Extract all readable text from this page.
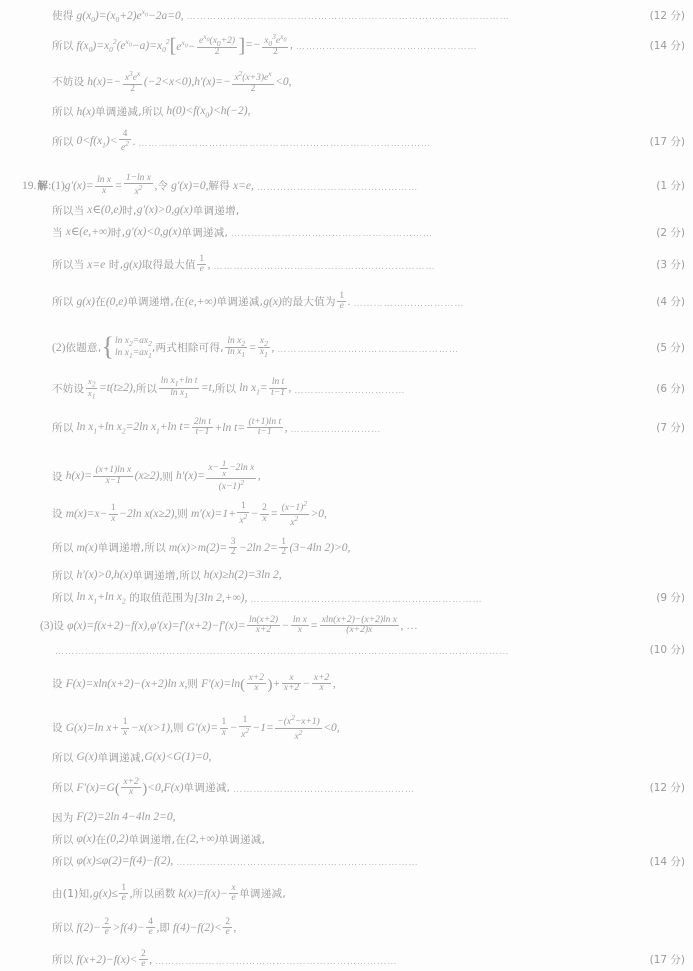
使得 $g(x_0)=(x_0+2)e^{x_0}-2a=0$, ……………………………………………………………………………………	(12 分)
所以 $f(x_0)=x_0^2(e^{x_0}-a)=x_0^2$ [ $e^{x_0}- \frac{e^{x_0}(x_0+2)}{2}$ ] =− $\frac{x_0^3e^{x_0}}{2}$ , ………………………………………………	(14 分)
不妨设 $h(x)=- \frac{x^3e^x}{2} (-2<x<0),h'(x)=- \frac{x^2(x+3)e^x}{2} <0$,
所以 h(x) 单调递减,所以 $h(0)<f(x_0)<h(-2)$,
所以 $0<f(x_1)< \frac{4}{e^2}$ . ……………………………………………………………………………	(17 分)
19. 解 :(1) $g'(x)= \frac{\text{ln x}}{x} = \frac{\text{1−ln x}}{x^2}$ , 令 g′(x)=0, 解得 x=e, …………………………………………	(1 分)
所以当 x∈(0,e) 时, g′(x)>0,g(x) 单调递增,
当 x∈(e,+∞) 时, g′(x)<0,g(x) 单调递减, ……………………………………………………	(2 分)
所以当 x=e 时, g(x) 取得最大值 $\frac{1}{e}$ , …………………………………………………………	(3 分)
所以 g(x) 在 (0,e) 单调递增,在 (e,+∞) 单调递减, g(x) 的最大值为 $\frac{1}{e}$ . ……………………………	(4 分)
(2) 依题意, { $\ln x_2=ax_2$
$\ln x_1=ax_1$
,两式相除可得, $\frac{\ln x_2}{\ln x_1} = \frac{x_2}{x_1}$ , ………………………………………………	(5 分)
不妨设 $\frac{x_2}{x_1} =t(t\ge 2)$, 所以 $\frac{\ln x_1+\ln t}{\ln x_1} =t$, 所以 $\ln x_1= \frac{\text{ln t}}{t-1}$ , ……………………………	(6 分)
所以 $\ln x_1+\ln$ $x_2=2\ln$ $x_1+\ln$ $t= \frac{\text{2ln t}}{t-1} +\ln$ $t= \frac{\text{(t+1)ln t}}{t-1}$ , ………………………	(7 分)
设 $h(x)= \frac{\text{(x+1)ln x}}{x-1} (x\ge 2)$, 则 $h'(x)= \frac{x- \frac{1}{x} -2\ln x}{(x-1)^2}$ ,
设 $m(x)=x- \frac{1}{x} -2\ln$ x(x≥2), 则 $m'(x)=1+ \frac{1}{x^2} - \frac{2}{x} = \frac{(x-1)^2}{x^2} >0$,
所以 m(x) 单调递增,所以 $m(x)>m(2)= \frac{3}{2} -2\ln$ $2= \frac{1}{2} (3-4\ln$ 2)>0,
所以 h′(x)>0,h(x) 单调递增,所以 h(x)≥h(2)=3ln 2,
所以 $\ln x_1+\ln$ $x_2$ 的取值范围为 [3ln 2,+∞), ……………………………………………………………	(9 分)
(3) 设 $\varphi(x)=f(x+2)-f(x),\varphi'(x)=f'(x+2)-f'(x)= \frac{\ln(x+2)}{x+2} - \frac{\text{ln x}}{x} = \frac{\text{xln(x+2)−(x+2)ln x}}{(x+2)x}$ , …
………………………………………………………………………………………………………………………	(10 分)
设 F(x)=xln(x+2)−(x+2)ln x, 则 F′(x)=ln ( $\frac{x+2}{x}$ ) + $\frac{x}{x+2} - \frac{x+2}{x}$ ,
设 G(x)=ln $x+ \frac{1}{x} -x(x>1)$, 则 $G'(x)= \frac{1}{x} - \frac{1}{x^2} -1= \frac{-(x^2-x+1)}{x^2} <0$,
所以 G(x) 单调递减, G(x)<G(1)=0,
所以 F′(x)=G ( $\frac{x+2}{x}$ ) <0,F(x) 单调递减, ………………………………………………	(12 分)
因为 F(2)=2ln 4−4ln 2=0,
所以 φ(x) 在 (0,2) 单调递增,在 (2,+∞) 单调递减,
所以 φ(x)≤φ(2)=f(4)−f(2), ………………………………………………………………	(14 分)
由(1)知, $g(x)\le \frac{1}{e}$ , 所以函数 $k(x)=f(x)- \frac{x}{e}$ 单调递减,
所以 $f(2)- \frac{2}{e} >f(4)- \frac{4}{e}$ , 即 $f(4)-f(2)< \frac{2}{e}$ ,
所以 $f(x+2)-f(x)< \frac{2}{e}$ , ………………………………………………………………	(17 分)
